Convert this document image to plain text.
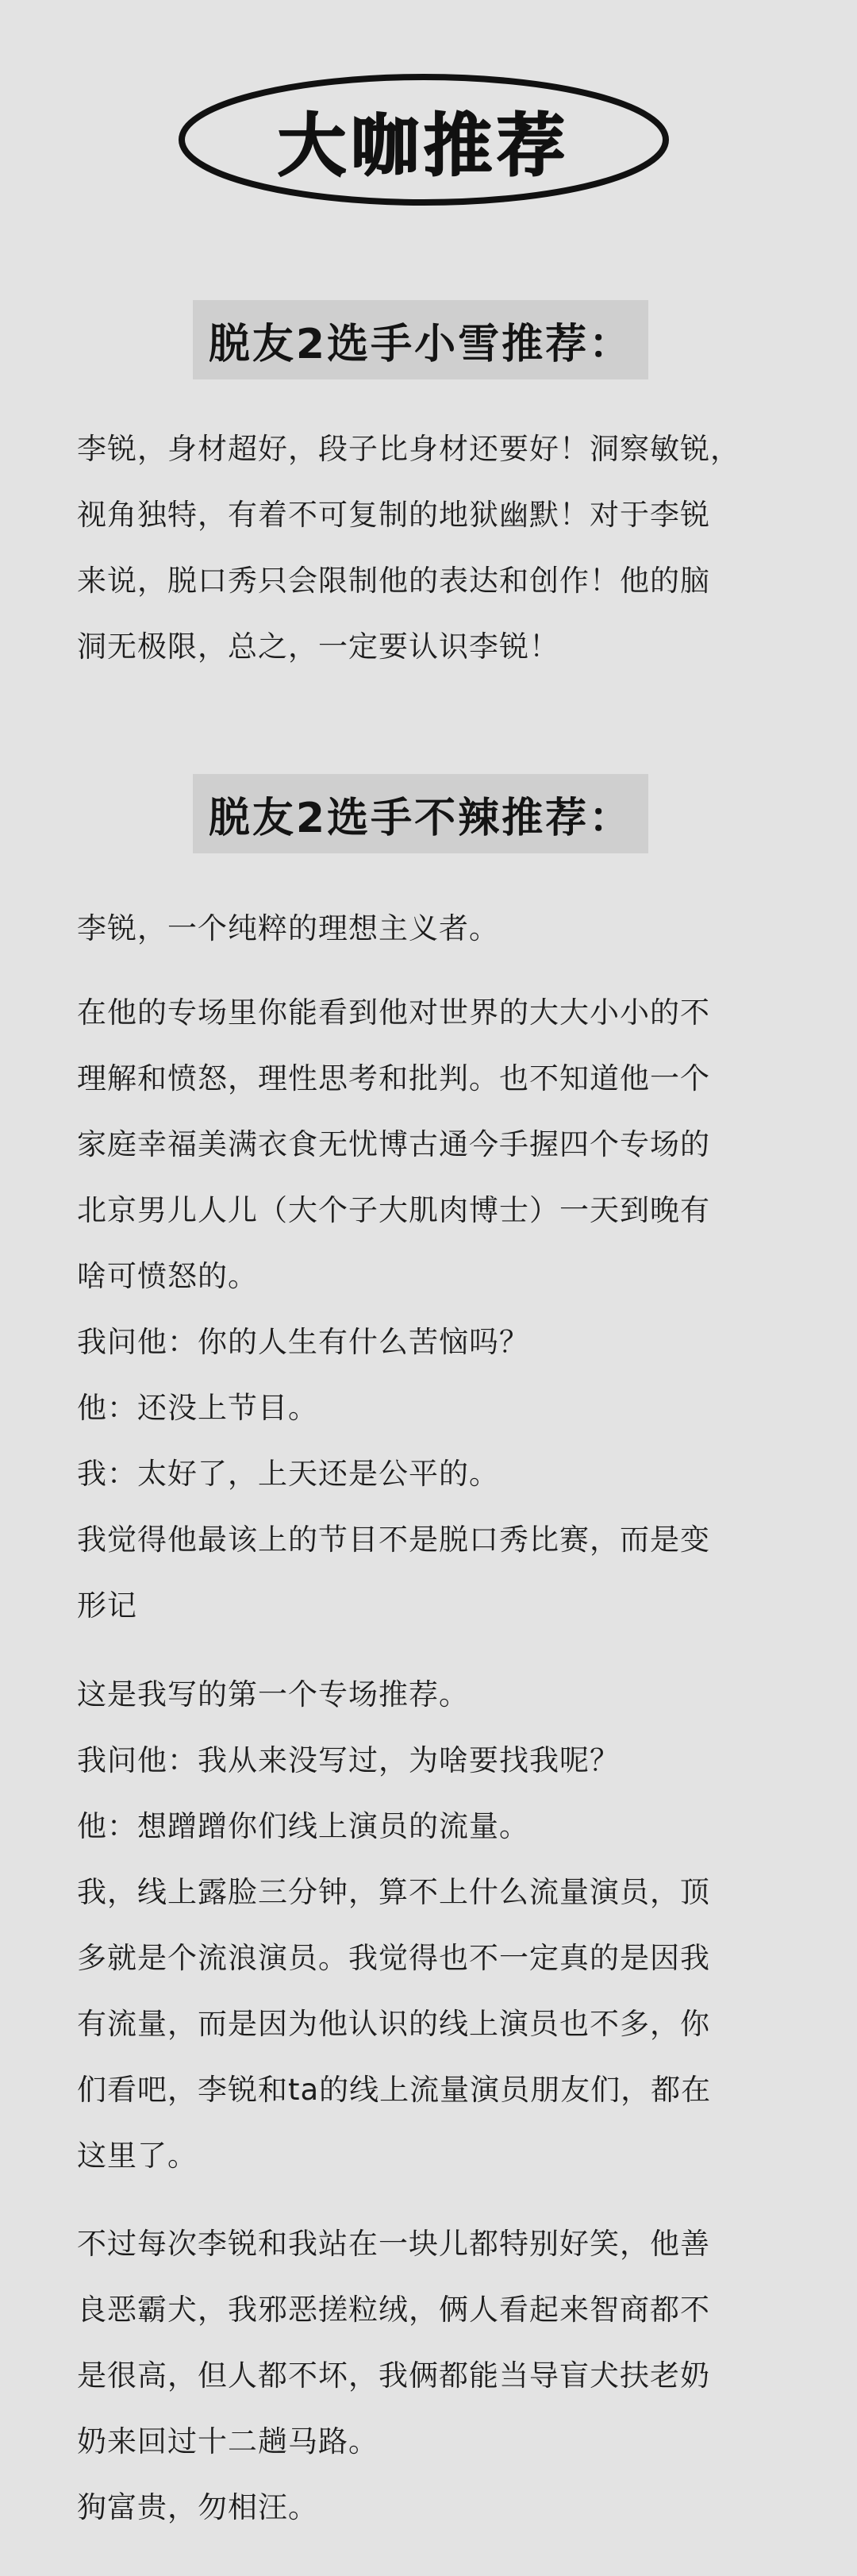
大咖推荐
脱友2选手小雪推荐：

李锐，身材超好，段子比身材还要好！洞察敏锐，

视角独特，有着不可复制的地狱幽默！对于李锐

来说，脱口秀只会限制他的表达和创作！他的脑

洞无极限，总之，一定要认识李锐！

脱友2选手不辣推荐：

李锐，一个纯粹的理想主义者。

在他的专场里你能看到他对世界的大大小小的不

理解和愤怒，理性思考和批判。也不知道他一个

家庭幸福美满衣食无忧博古通今手握四个专场的

北京男儿人儿（大个子大肌肉博士）一天到晚有

啥可愤怒的。

我问他：你的人生有什么苦恼吗？

他：还没上节目。

我：太好了，上天还是公平的。

我觉得他最该上的节目不是脱口秀比赛，而是变

形记

这是我写的第一个专场推荐。

我问他：我从来没写过，为啥要找我呢？

他：想蹭蹭你们线上演员的流量。

我，线上露脸三分钟，算不上什么流量演员，顶

多就是个流浪演员。我觉得也不一定真的是因我

有流量，而是因为他认识的线上演员也不多，你

们看吧，李锐和ta的线上流量演员朋友们，都在

这里了。

不过每次李锐和我站在一块儿都特别好笑，他善

良恶霸犬，我邪恶搓粒绒，俩人看起来智商都不

是很高，但人都不坏，我俩都能当导盲犬扶老奶

奶来回过十二趟马路。

狗富贵，勿相汪。
